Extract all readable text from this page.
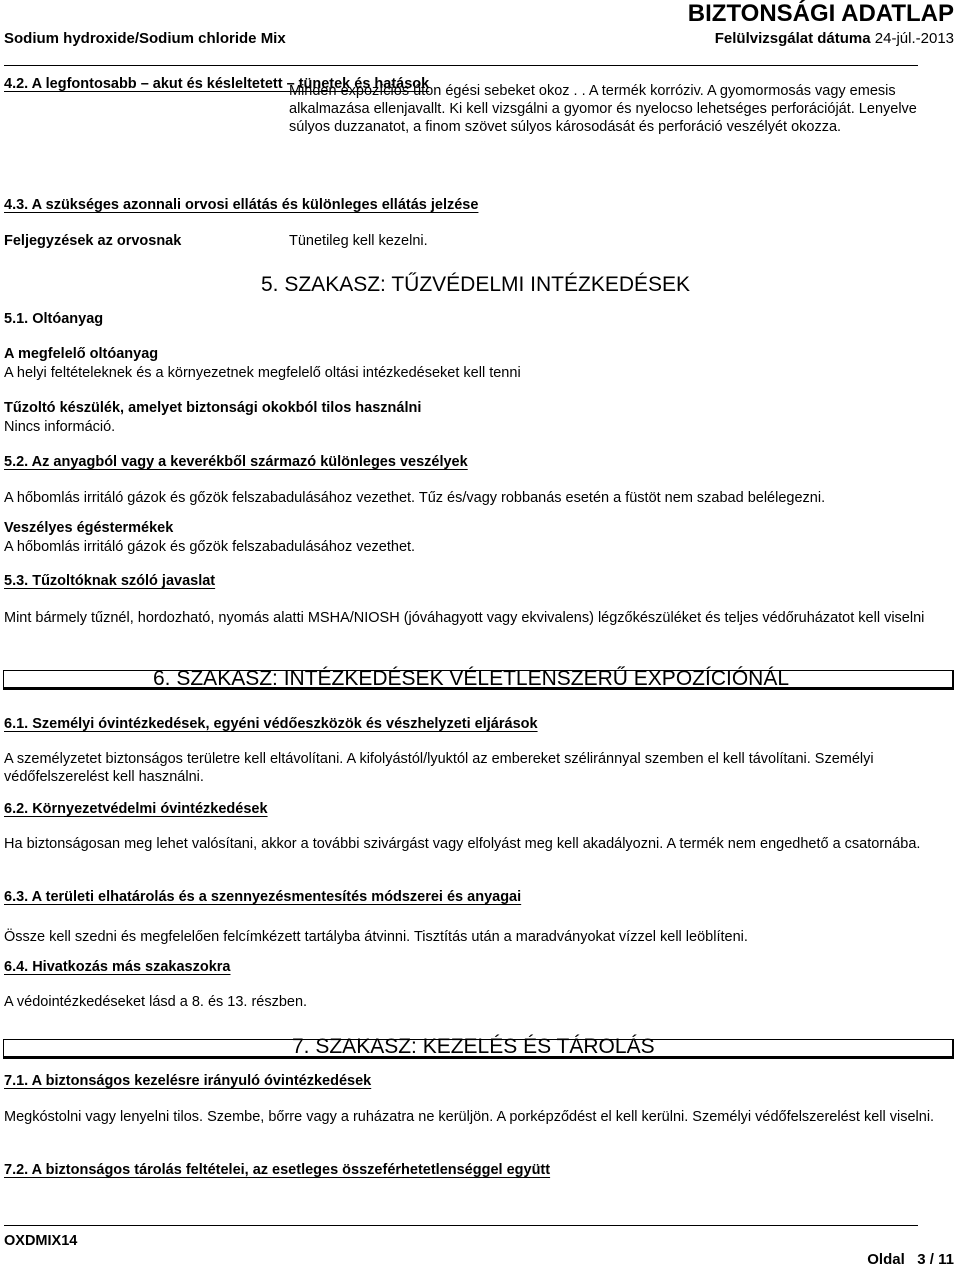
BIZTONSÁGI ADATLAP
Sodium hydroxide/Sodium chloride Mix	Felülvizsgálat dátuma 24-júl.-2013
4.2. A legfontosabb – akut és késleltetett – tünetek és hatások
Minden expozíciós úton égési sebeket okoz . . A termék korróziv. A gyomormosás vagy emesis alkalmazása ellenjavallt. Ki kell vizsgálni a gyomor és nyelocso lehetséges perforációját. Lenyelve súlyos duzzanatot, a finom szövet súlyos károsodását és perforáció veszélyét okozza.
4.3. A szükséges azonnali orvosi ellátás és különleges ellátás jelzése
Feljegyzések az orvosnak	Tünetileg kell kezelni.
5. SZAKASZ: TŰZVÉDELMI INTÉZKEDÉSEK
5.1. Oltóanyag
A megfelelő oltóanyag
A helyi feltételeknek és a környezetnek megfelelő oltási intézkedéseket kell tenni
Tűzoltó készülék, amelyet biztonsági okokból tilos használni
Nincs információ.
5.2. Az anyagból vagy a keverékből származó különleges veszélyek
A hőbomlás irritáló gázok és gőzök felszabadulásához vezethet. Tűz és/vagy robbanás esetén a füstöt nem szabad belélegezni.
Veszélyes égéstermékek
A hőbomlás irritáló gázok és gőzök felszabadulásához vezethet.
5.3. Tűzoltóknak szóló javaslat
Mint bármely tűznél, hordozható, nyomás alatti MSHA/NIOSH (jóváhagyott vagy ekvivalens) légzőkészüléket és teljes védőruházatot kell viselni
6. SZAKASZ: INTÉZKEDÉSEK VÉLETLENSZERŰ EXPOZÍCIÓNÁL
6.1. Személyi óvintézkedések, egyéni védőeszközök és vészhelyzeti eljárások
A személyzetet biztonságos területre kell eltávolítani. A kifolyástól/lyuktól az embereket széliránnyal szemben el kell távolítani. Személyi védőfelszerelést kell használni.
6.2. Környezetvédelmi óvintézkedések
Ha biztonságosan meg lehet valósítani, akkor a további szivárgást vagy elfolyást meg kell akadályozni. A termék nem engedhető a csatornába.
6.3. A területi elhatárolás és a szennyezésmentesítés módszerei és anyagai
Össze kell szedni és megfelelően felcímkézett tartályba átvinni. Tisztítás után a maradványokat vízzel kell leöblíteni.
6.4. Hivatkozás más szakaszokra
A védointézkedéseket lásd a 8. és 13. részben.
7. SZAKASZ: KEZELÉS ÉS TÁROLÁS
7.1. A biztonságos kezelésre irányuló óvintézkedések
Megkóstolni vagy lenyelni tilos. Szembe, bőrre vagy a ruházatra ne kerüljön. A porképződést el kell kerülni. Személyi védőfelszerelést kell viselni.
7.2. A biztonságos tárolás feltételei, az esetleges összeférhetetlenséggel együtt
OXDMIX14
Oldal 3 / 11
